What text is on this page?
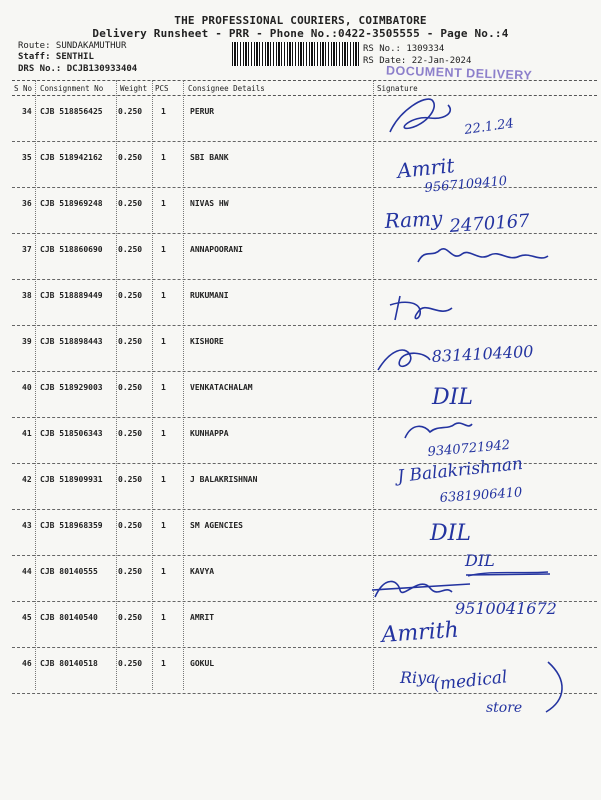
THE PROFESSIONAL COURIERS, COIMBATORE
Delivery Runsheet - PRR - Phone No.:0422-3505555 - Page No.:4
Route: SUNDAKAMUTHUR
Staff: SENTHIL
DRS No.: DCJB130933404
RS No.: 1309334
RS Date: 22-Jan-2024
DOCUMENT DELIVERY
S No Consignment No Weight PCS	Consignee Details	Signature
34 CJB 518856425 0.250 1	PERUR
35 CJB 518942162 0.250 1	SBI BANK
36 CJB 518969248 0.250 1	NIVAS HW
37 CJB 518860690 0.250 1	ANNAPOORANI
38 CJB 518889449 0.250 1	RUKUMANI
39 CJB 518898443 0.250 1	KISHORE
40 CJB 518929003 0.250 1	VENKATACHALAM
41 CJB 518506343 0.250 1	KUNHAPPA
42 CJB 518909931 0.250 1	J BALAKRISHNAN
43 CJB 518968359 0.250 1	SM AGENCIES
44 CJB 80140555	0.250 1	KAVYA
45 CJB 80140540	0.250 1	AMRIT
46 CJB 80140518	0.250 1	GOKUL
22.1.24
Amrit
9567109410
Ramy 2470167
8314104400
DIL
9340721942
J Balakrishnan
6381906410
DIL
DIL
9510041672
Amrith
Riya
(medical
store
